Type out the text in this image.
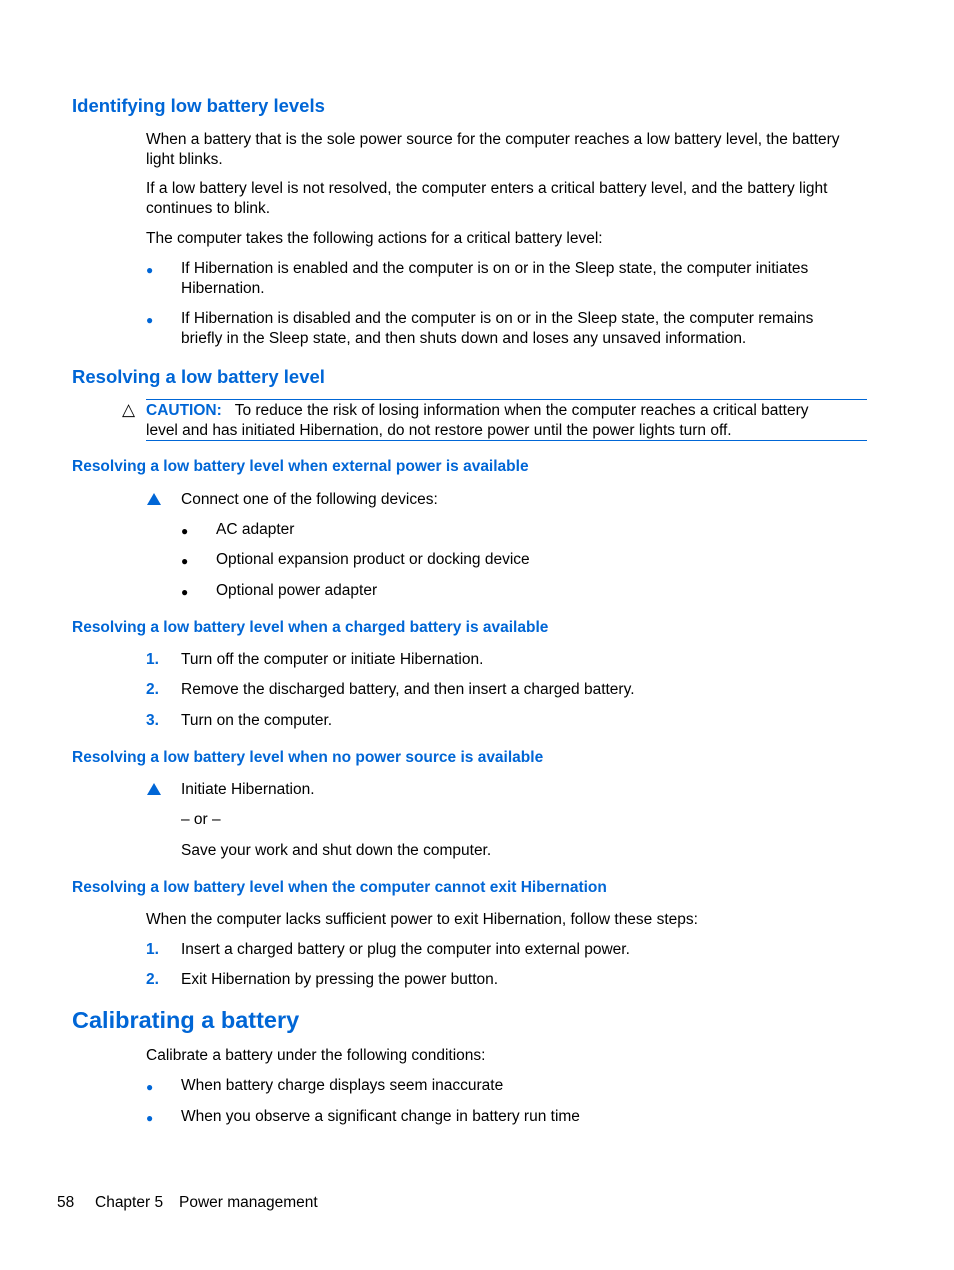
Identifying low battery levels
When a battery that is the sole power source for the computer reaches a low battery level, the battery
light blinks.
If a low battery level is not resolved, the computer enters a critical battery level, and the battery light
continues to blink.
The computer takes the following actions for a critical battery level:
● If Hibernation is enabled and the computer is on or in the Sleep state, the computer initiates
Hibernation.
● If Hibernation is disabled and the computer is on or in the Sleep state, the computer remains
briefly in the Sleep state, and then shuts down and loses any unsaved information.
Resolving a low battery level
△ CAUTION: To reduce the risk of losing information when the computer reaches a critical battery
level and has initiated Hibernation, do not restore power until the power lights turn off.
Resolving a low battery level when external power is available
Connect one of the following devices:
● AC adapter
● Optional expansion product or docking device
● Optional power adapter
Resolving a low battery level when a charged battery is available
1. Turn off the computer or initiate Hibernation.
2. Remove the discharged battery, and then insert a charged battery.
3. Turn on the computer.
Resolving a low battery level when no power source is available
Initiate Hibernation.
– or –
Save your work and shut down the computer.
Resolving a low battery level when the computer cannot exit Hibernation
When the computer lacks sufficient power to exit Hibernation, follow these steps:
1. Insert a charged battery or plug the computer into external power.
2. Exit Hibernation by pressing the power button.
Calibrating a battery
Calibrate a battery under the following conditions:
● When battery charge displays seem inaccurate
● When you observe a significant change in battery run time
58 Chapter 5 Power management
